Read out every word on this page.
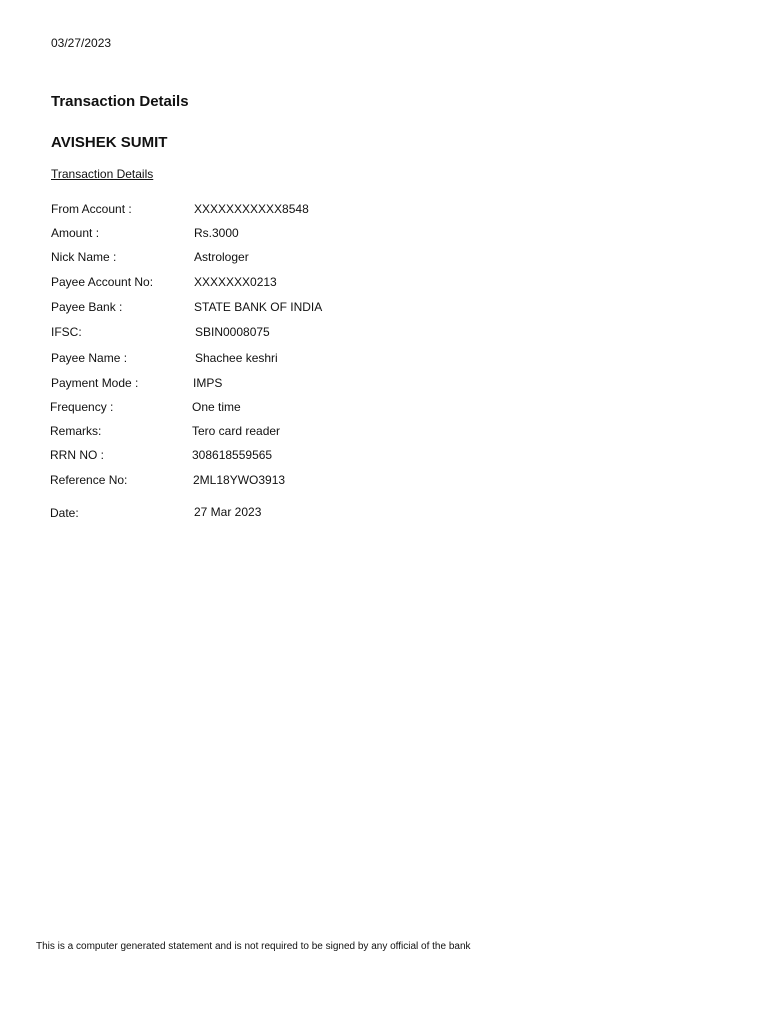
03/27/2023
Transaction Details
AVISHEK SUMIT
Transaction Details
From Account :	XXXXXXXXXXX8548
Amount :	Rs.3000
Nick Name :	Astrologer
Payee Account No:	XXXXXXX0213
Payee Bank :	STATE BANK OF INDIA
IFSC:	SBIN0008075
Payee Name :	Shachee keshri
Payment Mode :	IMPS
Frequency :	One time
Remarks:	Tero card reader
RRN NO :	308618559565
Reference No:	2ML18YWO3913
Date:	27 Mar 2023
This is a computer generated statement and is not required to be signed by any official of the bank
